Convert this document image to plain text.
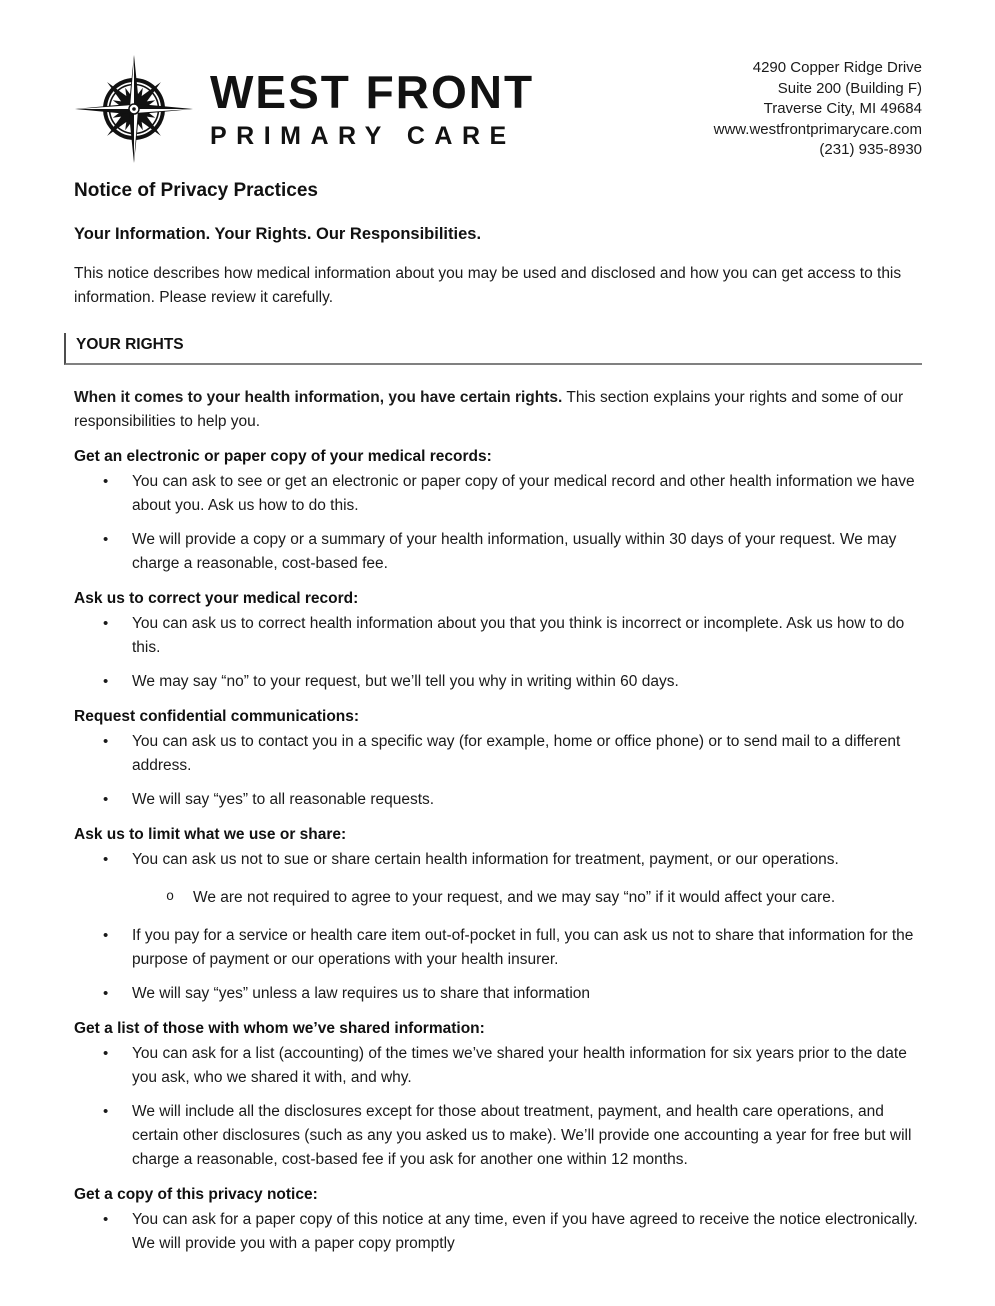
WEST FRONT
PRIMARY CARE
4290 Copper Ridge Drive
Suite 200 (Building F)
Traverse City, MI 49684
www.westfrontprimarycare.com
(231) 935-8930
Notice of Privacy Practices
Your Information. Your Rights. Our Responsibilities.

This notice describes how medical information about you may be used and disclosed and how you can get access to this information. Please review it carefully.

YOUR RIGHTS

When it comes to your health information, you have certain rights. This section explains your rights and some of our responsibilities to help you.

Get an electronic or paper copy of your medical records:
•	You can ask to see or get an electronic or paper copy of your medical record and other health information we have about you. Ask us how to do this.
•	We will provide a copy or a summary of your health information, usually within 30 days of your request. We may charge a reasonable, cost-based fee.
Ask us to correct your medical record:
•	You can ask us to correct health information about you that you think is incorrect or incomplete. Ask us how to do this.
•	We may say “no” to your request, but we’ll tell you why in writing within 60 days.
Request confidential communications:
•	You can ask us to contact you in a specific way (for example, home or office phone) or to send mail to a different address.
•	We will say “yes” to all reasonable requests.
Ask us to limit what we use or share:
•	You can ask us not to sue or share certain health information for treatment, payment, or our operations.
o	We are not required to agree to your request, and we may say “no” if it would affect your care.
•	If you pay for a service or health care item out-of-pocket in full, you can ask us not to share that information for the purpose of payment or our operations with your health insurer.
•	We will say “yes” unless a law requires us to share that information
Get a list of those with whom we’ve shared information:
•	You can ask for a list (accounting) of the times we’ve shared your health information for six years prior to the date you ask, who we shared it with, and why.
•	We will include all the disclosures except for those about treatment, payment, and health care operations, and certain other disclosures (such as any you asked us to make). We’ll provide one accounting a year for free but will charge a reasonable, cost-based fee if you ask for another one within 12 months.
Get a copy of this privacy notice:
•	You can ask for a paper copy of this notice at any time, even if you have agreed to receive the notice electronically. We will provide you with a paper copy promptly
